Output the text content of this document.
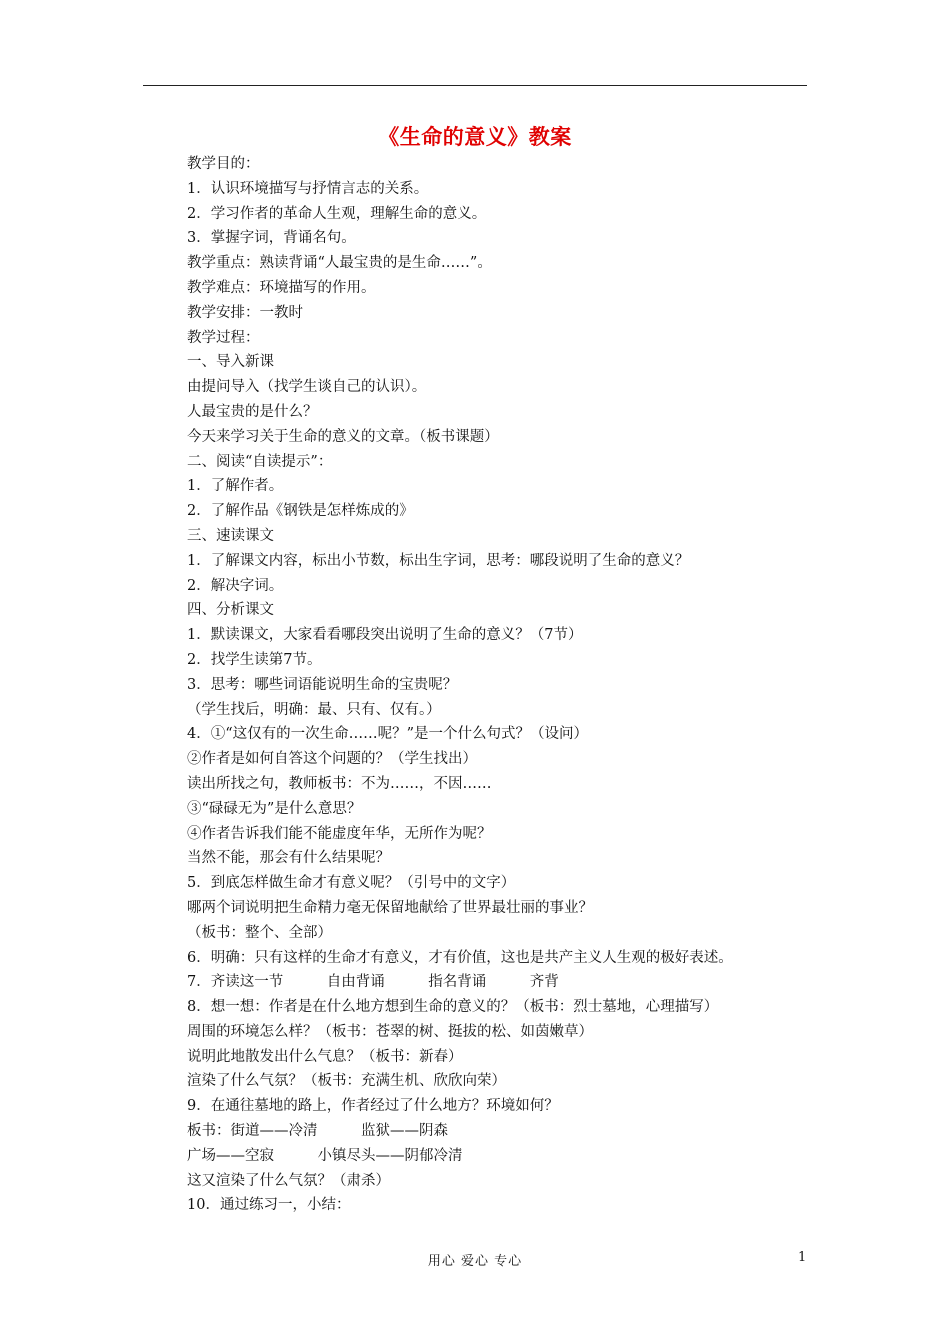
《生命的意义》教案
教学目的：
1．认识环境描写与抒情言志的关系。
2．学习作者的革命人生观，理解生命的意义。
3．掌握字词，背诵名句。
教学重点：熟读背诵“人最宝贵的是生命……”。
教学难点：环境描写的作用。
教学安排：一教时
教学过程：
一、导入新课
由提问导入（找学生谈自己的认识）。
人最宝贵的是什么？
今天来学习关于生命的意义的文章。（板书课题）
二、阅读“自读提示”：
1．了解作者。
2．了解作品《钢铁是怎样炼成的》
三、速读课文
1．了解课文内容，标出小节数，标出生字词，思考：哪段说明了生命的意义？
2．解决字词。
四、分析课文
1．默读课文，大家看看哪段突出说明了生命的意义？（7节）
2．找学生读第7节。
3．思考：哪些词语能说明生命的宝贵呢？
（学生找后，明确：最、只有、仅有。）
4．①“这仅有的一次生命……呢？”是一个什么句式？（设问）
②作者是如何自答这个问题的？（学生找出）
读出所找之句，教师板书：不为……，不因……
③“碌碌无为”是什么意思？
④作者告诉我们能不能虚度年华，无所作为呢？
当然不能，那会有什么结果呢？
5．到底怎样做生命才有意义呢？（引号中的文字）
哪两个词说明把生命精力毫无保留地献给了世界最壮丽的事业？
（板书：整个、全部）
6．明确：只有这样的生命才有意义，才有价值，这也是共产主义人生观的极好表述。
7．齐读这一节　　　自由背诵　　　指名背诵　　　齐背
8．想一想：作者是在什么地方想到生命的意义的？（板书：烈士墓地，心理描写）
周围的环境怎么样？（板书：苍翠的树、挺拔的松、如茵嫩草）
说明此地散发出什么气息？（板书：新春）
渲染了什么气氛？（板书：充满生机、欣欣向荣）
9．在通往墓地的路上，作者经过了什么地方？环境如何？
板书：街道——冷清　　　监狱——阴森
广场——空寂　　　小镇尽头——阴郁冷清
这又渲染了什么气氛？（肃杀）
10．通过练习一，小结：
用心 爱心 专心	1
